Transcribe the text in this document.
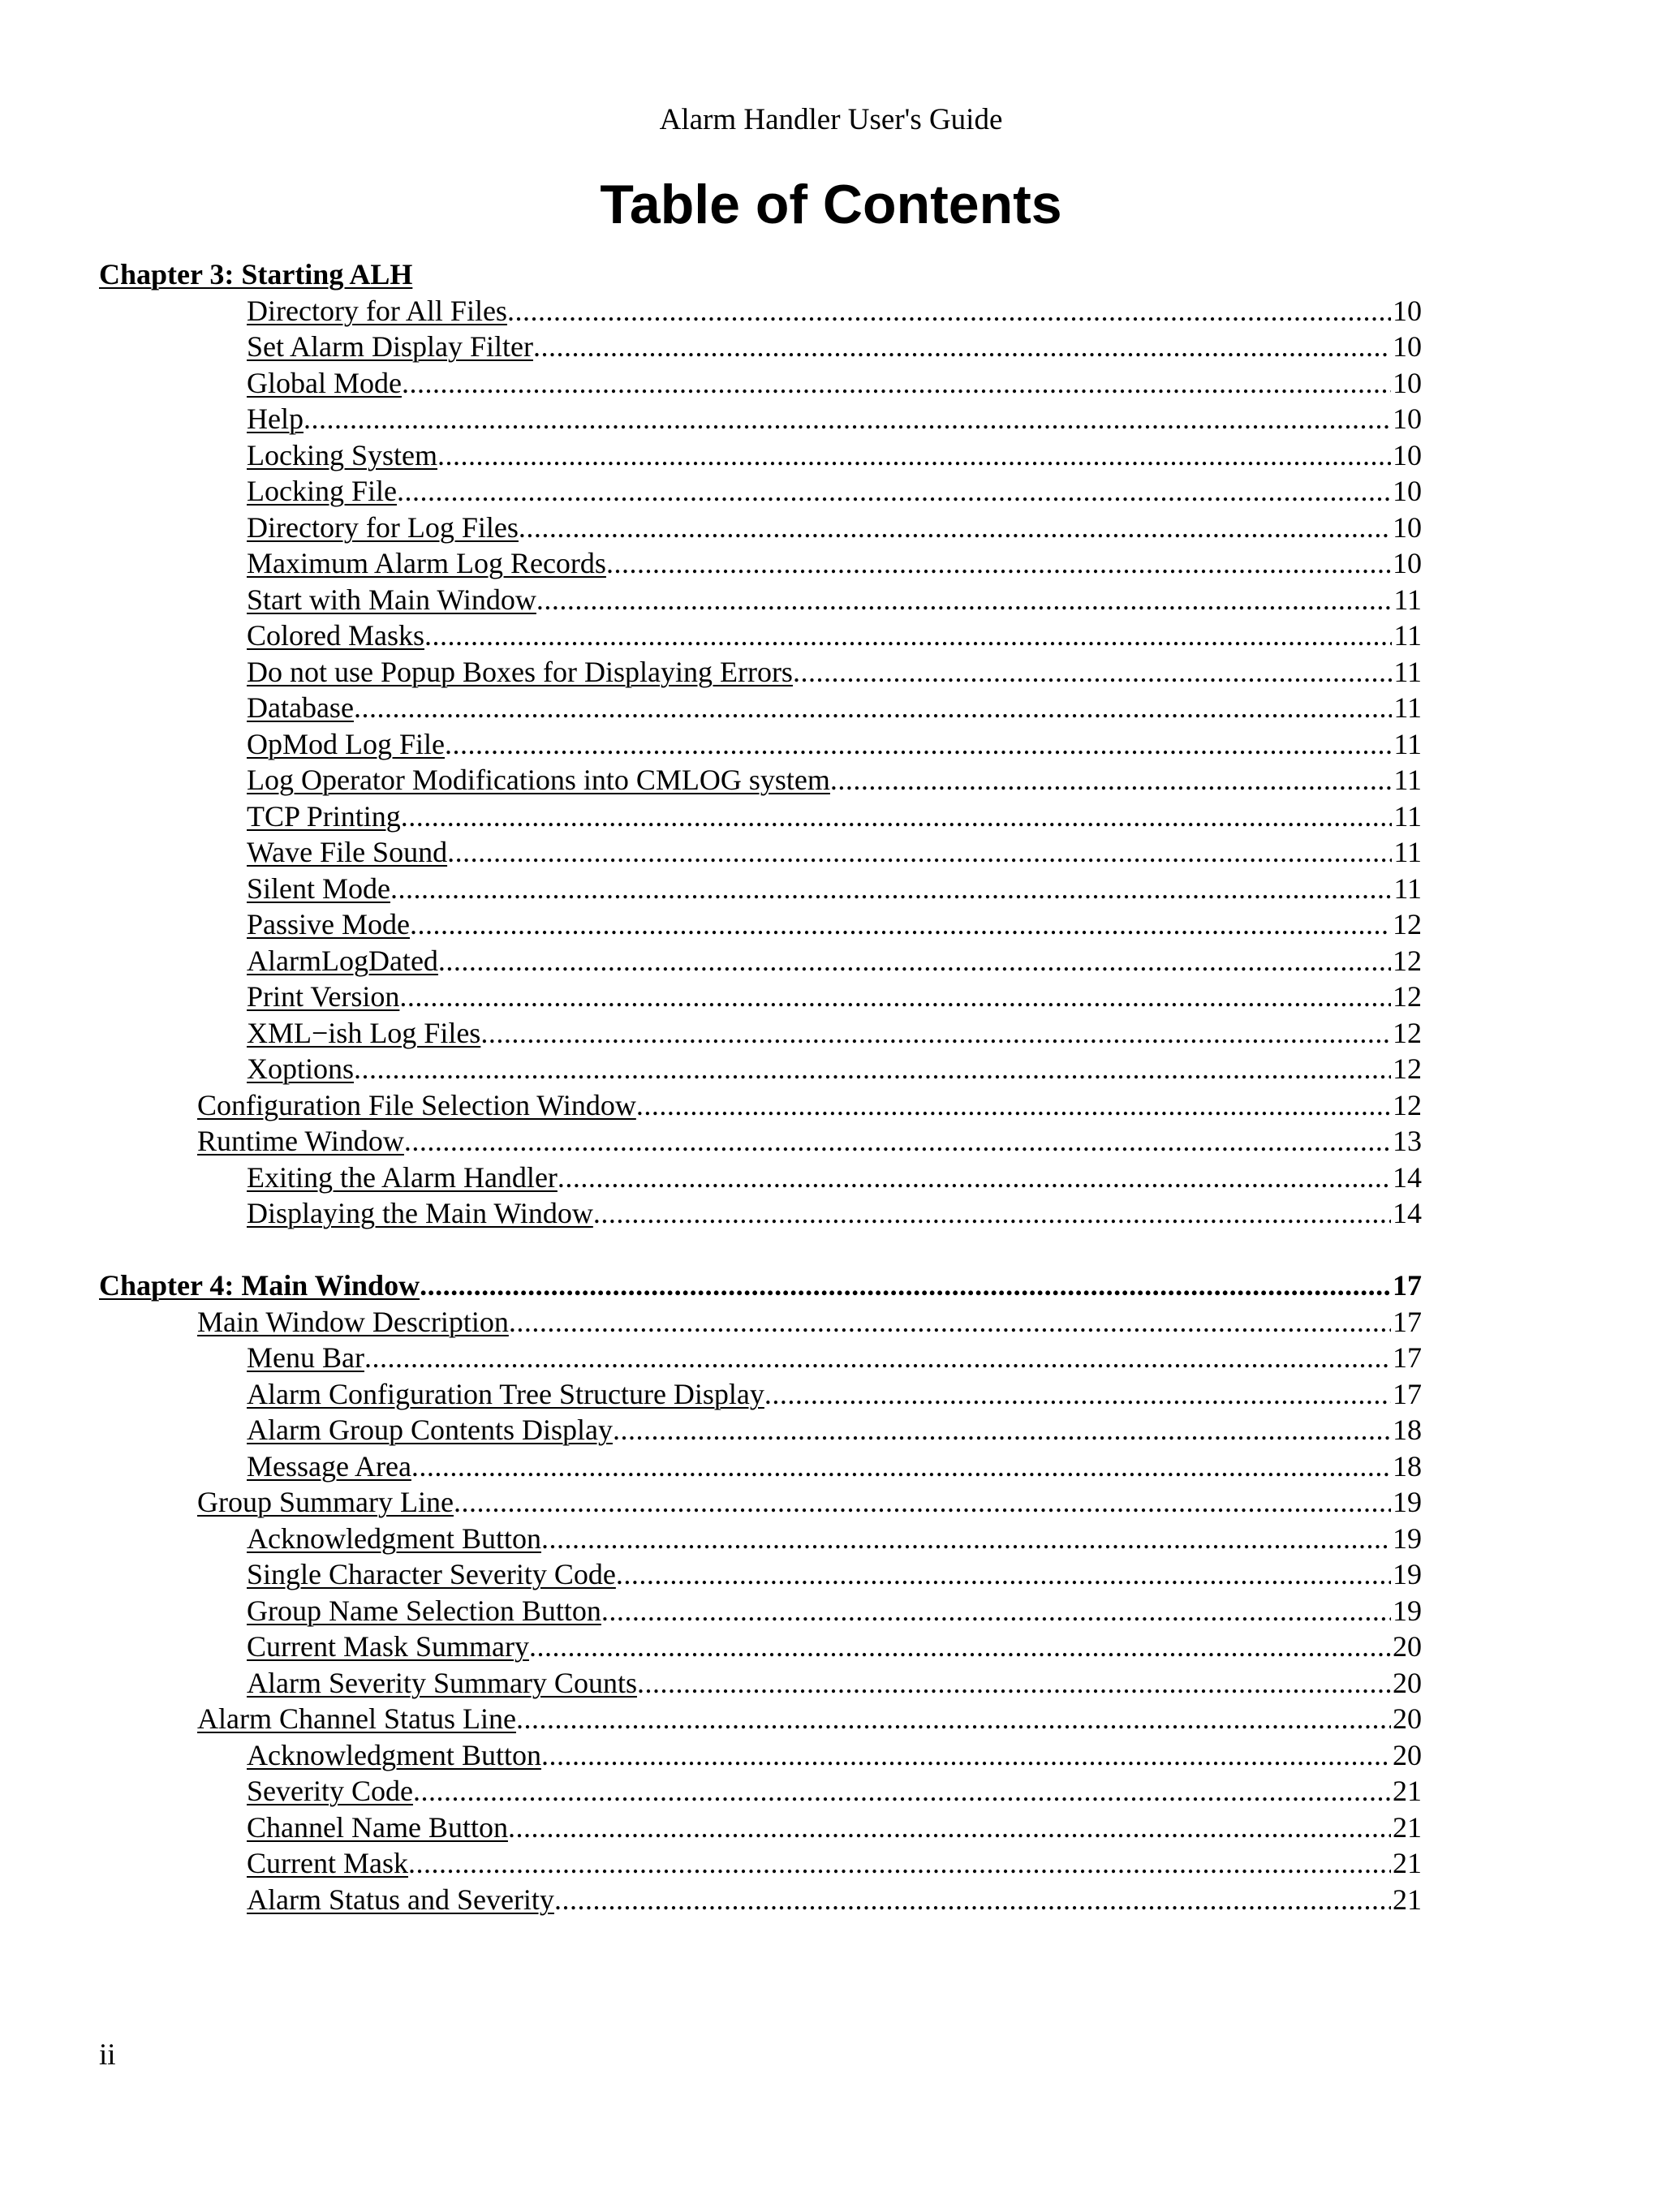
Alarm Handler User's Guide
Table of Contents
Chapter 3: Starting ALH
Directory for All Files .....	10
Set Alarm Display Filter .....	10
Global Mode .....	10
Help .....	10
Locking System .....	10
Locking File .....	10
Directory for Log Files .....	10
Maximum Alarm Log Records .....	10
Start with Main Window .....	11
Colored Masks .....	11
Do not use Popup Boxes for Displaying Errors .....	11
Database .....	11
OpMod Log File .....	11
Log Operator Modifications into CMLOG system .....	11
TCP Printing .....	11
Wave File Sound .....	11
Silent Mode .....	11
Passive Mode .....	12
AlarmLogDated .....	12
Print Version .....	12
XML−ish Log Files .....	12
Xoptions .....	12
Configuration File Selection Window .....	12
Runtime Window .....	13
Exiting the Alarm Handler .....	14
Displaying the Main Window .....	14
Chapter 4: Main Window .....	17
Main Window Description .....	17
Menu Bar .....	17
Alarm Configuration Tree Structure Display .....	17
Alarm Group Contents Display .....	18
Message Area .....	18
Group Summary Line .....	19
Acknowledgment Button .....	19
Single Character Severity Code .....	19
Group Name Selection Button .....	19
Current Mask Summary .....	20
Alarm Severity Summary Counts .....	20
Alarm Channel Status Line .....	20
Acknowledgment Button .....	20
Severity Code .....	21
Channel Name Button .....	21
Current Mask .....	21
Alarm Status and Severity .....	21
ii
